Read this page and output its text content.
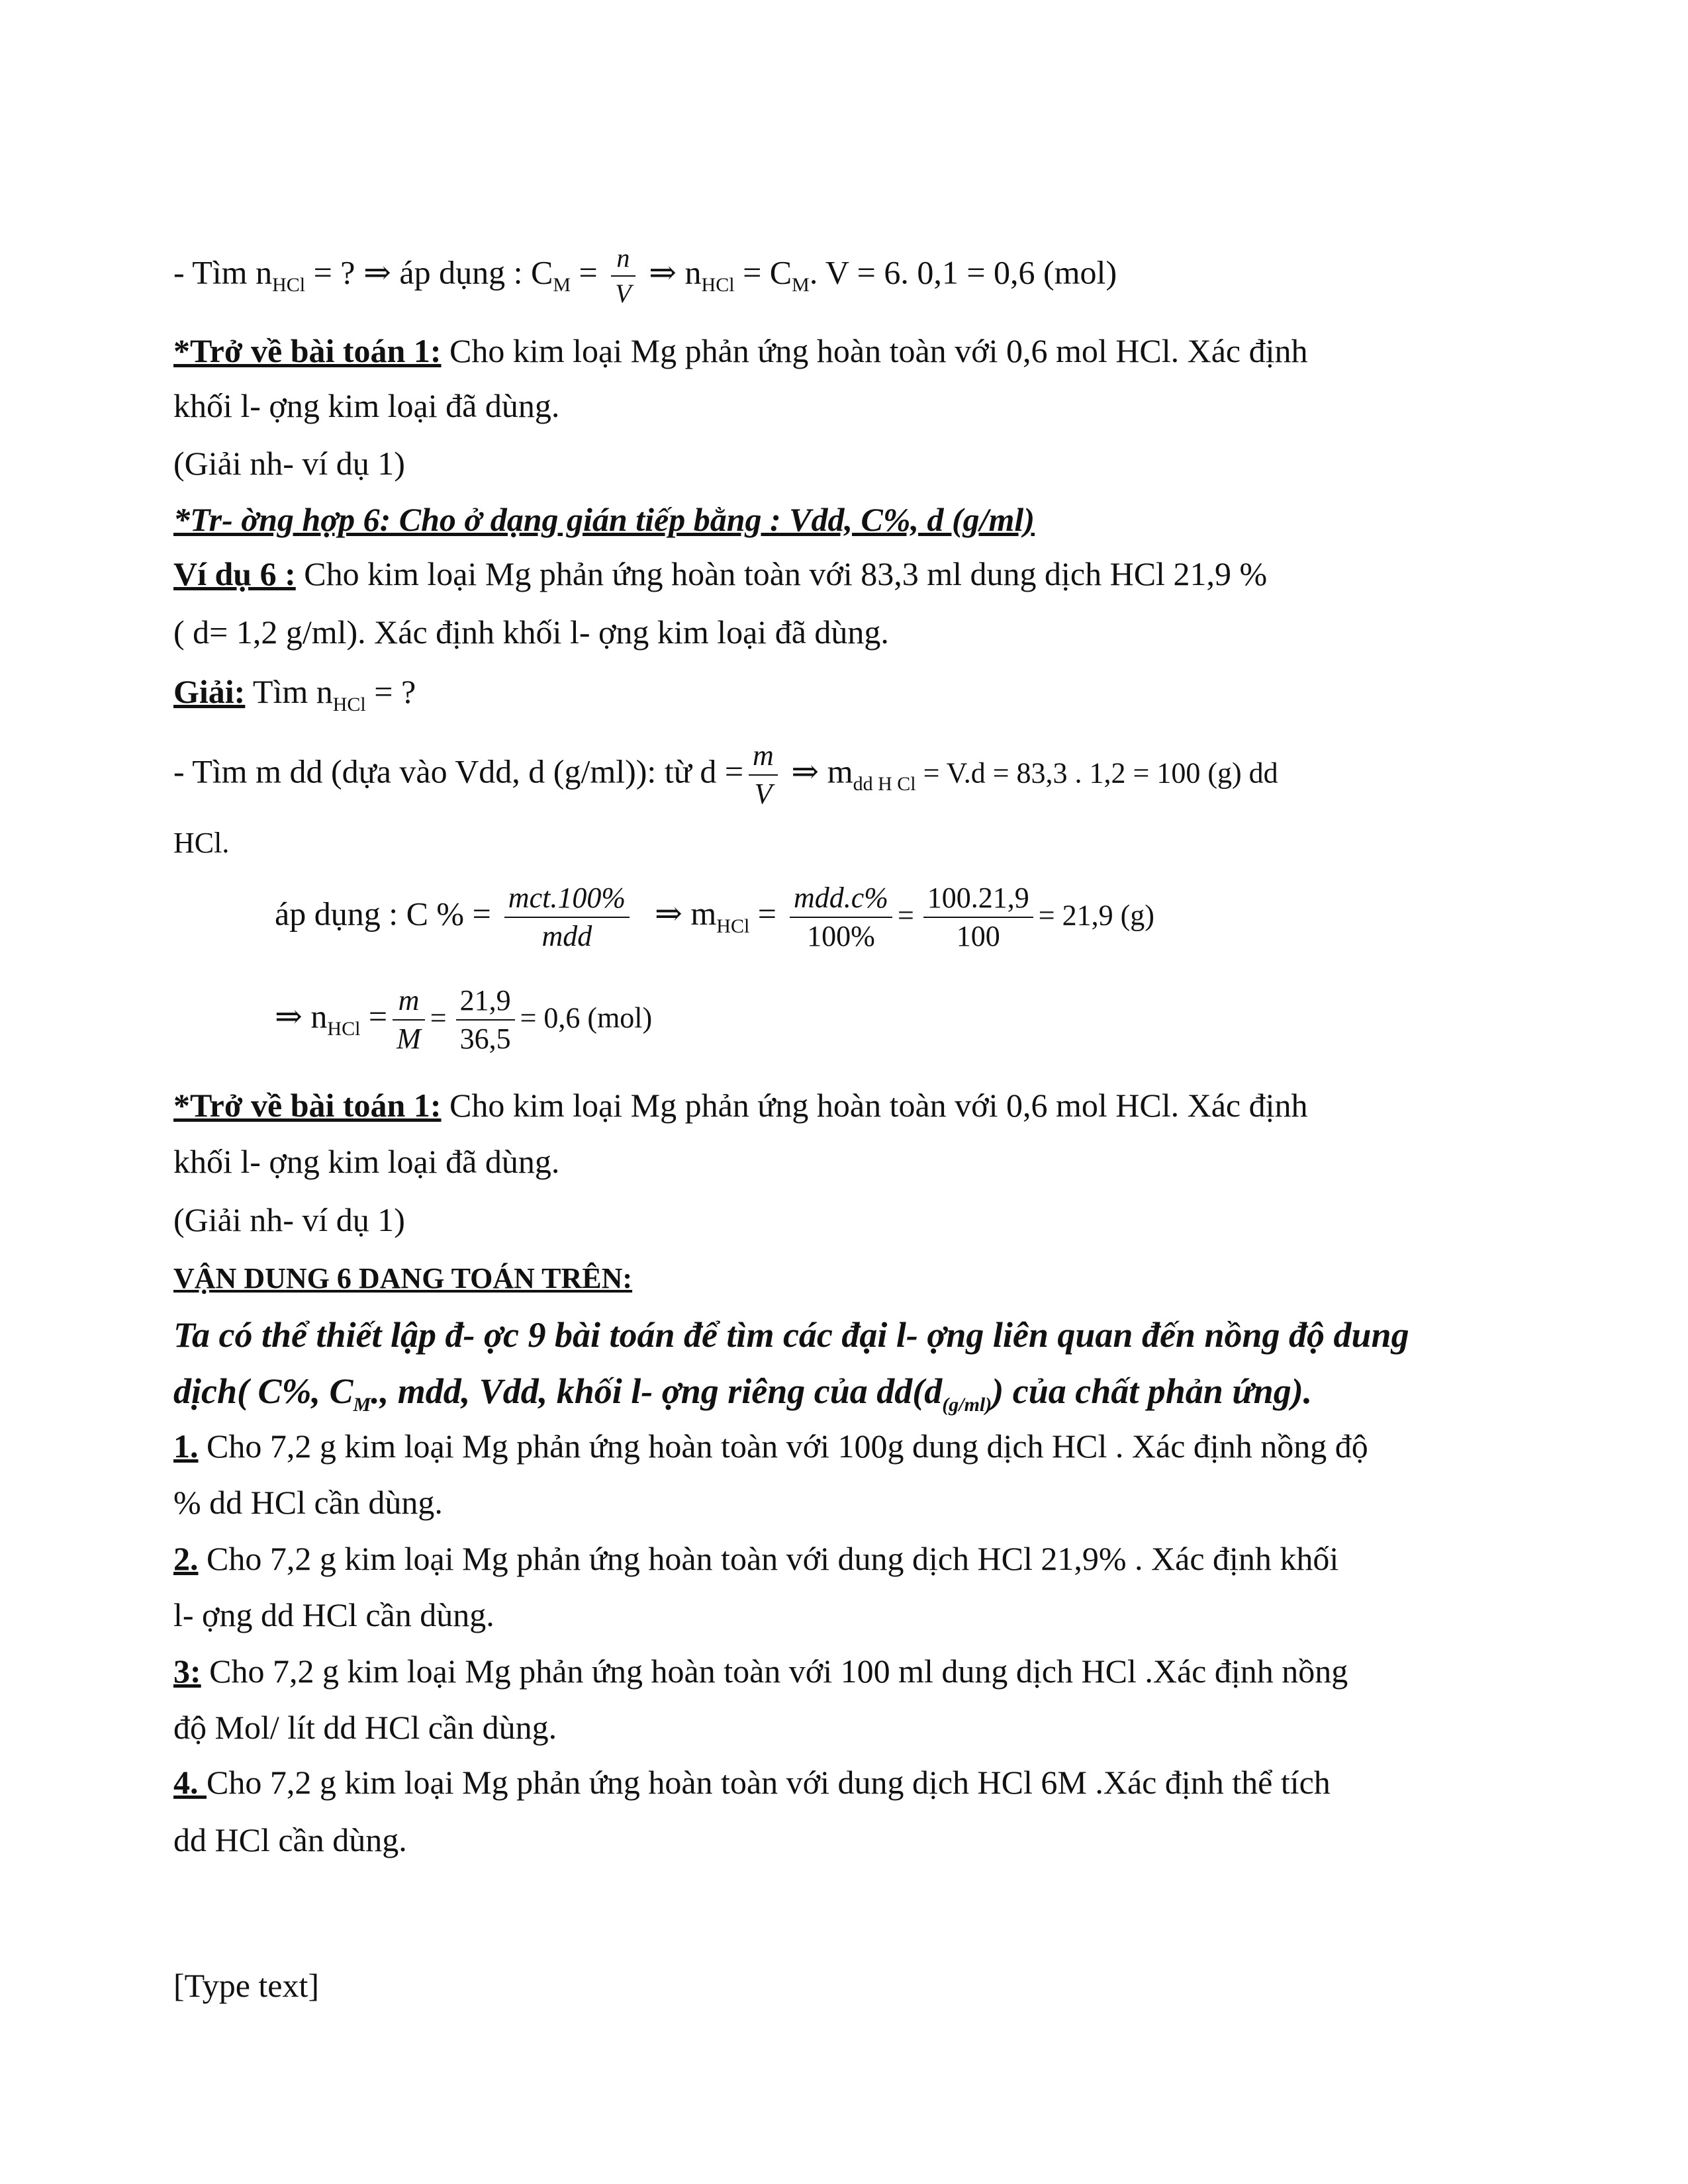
- Tìm $n_{HCl}$ = ? ⇒ áp dụng : $C_M = \frac{n}{V}$ ⇒ $n_{HCl} = C_M$. V = 6. 0,1 = 0,6 (mol)
*Trở về bài toán 1: Cho kim loại Mg phản ứng hoàn toàn với 0,6 mol HCl. Xác định
khối l- ợng kim loại đã dùng.
(Giải nh- ví dụ 1)
*Tr- ờng hợp 6: Cho ở dạng gián tiếp bằng : Vdd, C%, d (g/ml)
Ví dụ 6 : Cho kim loại Mg phản ứng hoàn toàn với 83,3 ml dung dịch HCl 21,9 %
( d= 1,2 g/ml). Xác định khối l- ợng kim loại đã dùng.
Giải: Tìm $n_{HCl}$ = ?
- Tìm m dd (dựa vào Vdd, d (g/ml)): từ $d = \frac{m}{V}$ ⇒ $m_{dd H Cl} = V.d = 83,3$ . 1,2 = 100 (g) dd
HCl.
áp dụng : C % = $\frac{\text{mct.100\%}}{\text{mdd}}$ ⇒ $m_{HCl} = \frac{\text{mdd.c\%}}{100\%} = \frac{100.21,9}{100} = 21,9$ (g)
⇒ $n_{HCl} = \frac{m}{M} = \frac{21,9}{36,5} = 0,6$ (mol)
*Trở về bài toán 1: Cho kim loại Mg phản ứng hoàn toàn với 0,6 mol HCl. Xác định
khối l- ợng kim loại đã dùng.
(Giải nh- ví dụ 1)
VẬN DUNG 6 DANG TOÁN TRÊN:
Ta có thể thiết lập đ- ợc 9 bài toán để tìm các đại l- ợng liên quan đến nồng độ dung
dịch( C%, $C_M$., mdd, Vdd, khối l- ợng riêng của $dd(d_{(g/ml)})$ của chất phản ứng).
1. Cho 7,2 g kim loại Mg phản ứng hoàn toàn với 100g dung dịch HCl . Xác định nồng độ
% dd HCl cần dùng.
2. Cho 7,2 g kim loại Mg phản ứng hoàn toàn với dung dịch HCl 21,9% . Xác định khối
l- ợng dd HCl cần dùng.
3: Cho 7,2 g kim loại Mg phản ứng hoàn toàn với 100 ml dung dịch HCl .Xác định nồng
độ Mol/ lít dd HCl cần dùng.
4. Cho 7,2 g kim loại Mg phản ứng hoàn toàn với dung dịch HCl 6M .Xác định thể tích
dd HCl cần dùng.
[Type text]
